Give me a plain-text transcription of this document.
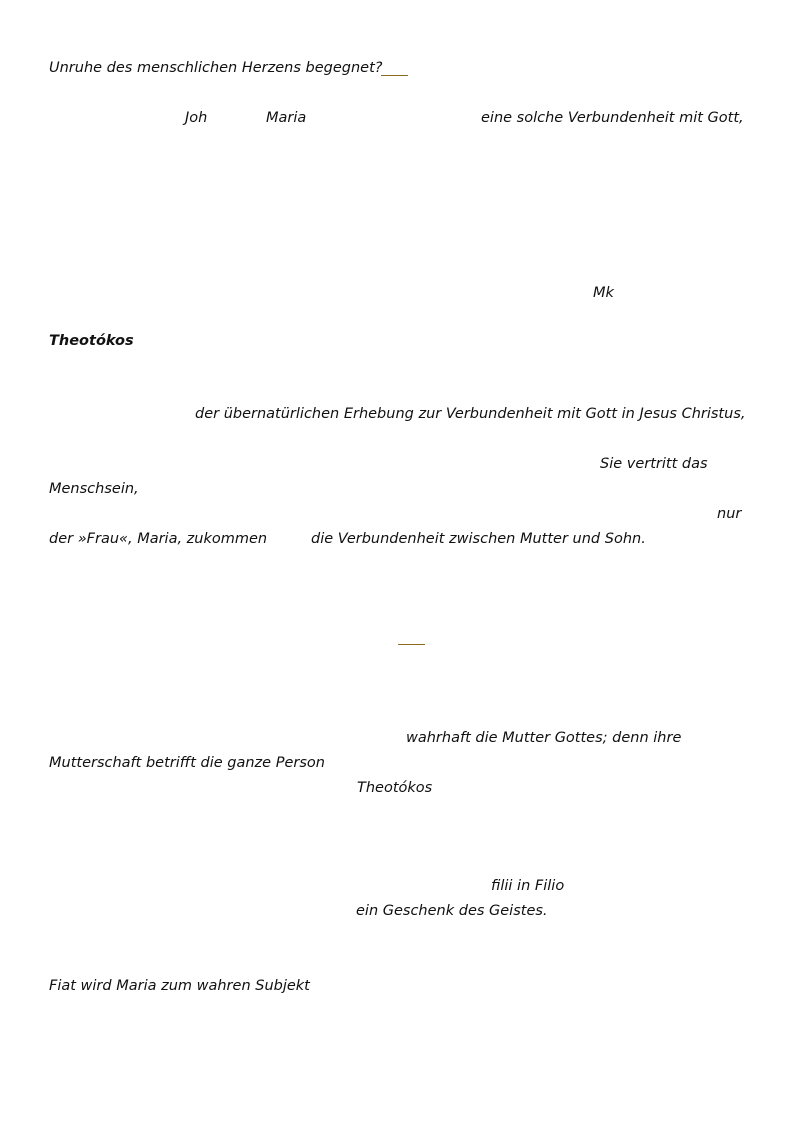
Unruhe des menschlichen Herzens begegnet?
Joh	Maria	eine solche Verbundenheit mit Gott,
Mk
Theotókos
der übernatürlichen Erhebung zur Verbundenheit mit Gott in Jesus Christus,
Sie vertritt das
Menschsein,
nur
der »Frau«, Maria, zukommen	die Verbundenheit zwischen Mutter und Sohn.
wahrhaft die Mutter Gottes; denn ihre
Mutterschaft betrifft die ganze Person
Theotókos
filii in Filio
ein Geschenk des Geistes.
Fiat wird Maria zum wahren Subjekt
